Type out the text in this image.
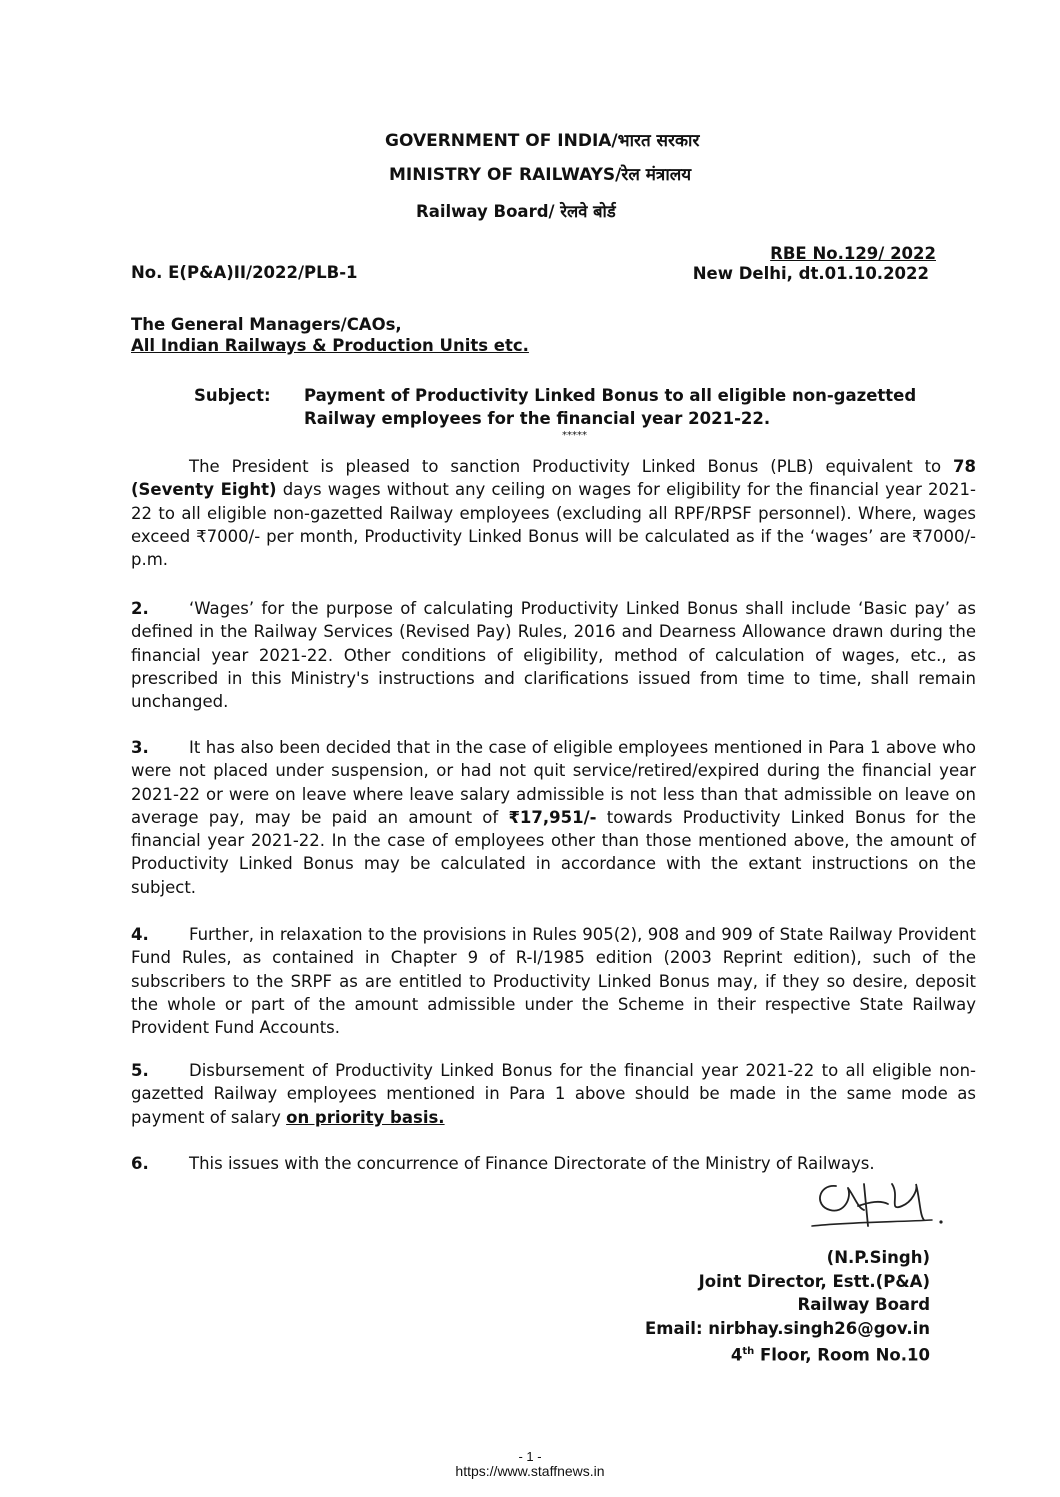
GOVERNMENT OF INDIA/भारत सरकार
MINISTRY OF RAILWAYS/रेल मंत्रालय
Railway Board/ रेलवे बोर्ड
RBE No.129/ 2022
No. E(P&A)II/2022/PLB-1	New Delhi, dt.01.10.2022
The General Managers/CAOs,
All Indian Railways & Production Units etc.
Subject: Payment of Productivity Linked Bonus to all eligible non-gazetted
Railway employees for the financial year 2021-22.
*****
The President is pleased to sanction Productivity Linked Bonus (PLB) equivalent to 78 (Seventy Eight) days wages without any ceiling on wages for eligibility for the financial year 2021-22 to all eligible non-gazetted Railway employees (excluding all RPF/RPSF personnel). Where, wages exceed ₹7000/- per month, Productivity Linked Bonus will be calculated as if the ‘wages’ are ₹7000/- p.m.
2. ‘Wages’ for the purpose of calculating Productivity Linked Bonus shall include ‘Basic pay’ as defined in the Railway Services (Revised Pay) Rules, 2016 and Dearness Allowance drawn during the financial year 2021-22. Other conditions of eligibility, method of calculation of wages, etc., as prescribed in this Ministry's instructions and clarifications issued from time to time, shall remain unchanged.
3. It has also been decided that in the case of eligible employees mentioned in Para 1 above who were not placed under suspension, or had not quit service/retired/expired during the financial year 2021-22 or were on leave where leave salary admissible is not less than that admissible on leave on average pay, may be paid an amount of ₹17,951/- towards Productivity Linked Bonus for the financial year 2021-22. In the case of employees other than those mentioned above, the amount of Productivity Linked Bonus may be calculated in accordance with the extant instructions on the subject.
4. Further, in relaxation to the provisions in Rules 905(2), 908 and 909 of State Railway Provident Fund Rules, as contained in Chapter 9 of R-I/1985 edition (2003 Reprint edition), such of the subscribers to the SRPF as are entitled to Productivity Linked Bonus may, if they so desire, deposit the whole or part of the amount admissible under the Scheme in their respective State Railway Provident Fund Accounts.
5. Disbursement of Productivity Linked Bonus for the financial year 2021-22 to all eligible non-gazetted Railway employees mentioned in Para 1 above should be made in the same mode as payment of salary on priority basis.
6. This issues with the concurrence of Finance Directorate of the Ministry of Railways.
(N.P.Singh)
Joint Director, Estt.(P&A)
Railway Board
Email: nirbhay.singh26@gov.in
4th Floor, Room No.10
- 1 -
https://www.staffnews.in
